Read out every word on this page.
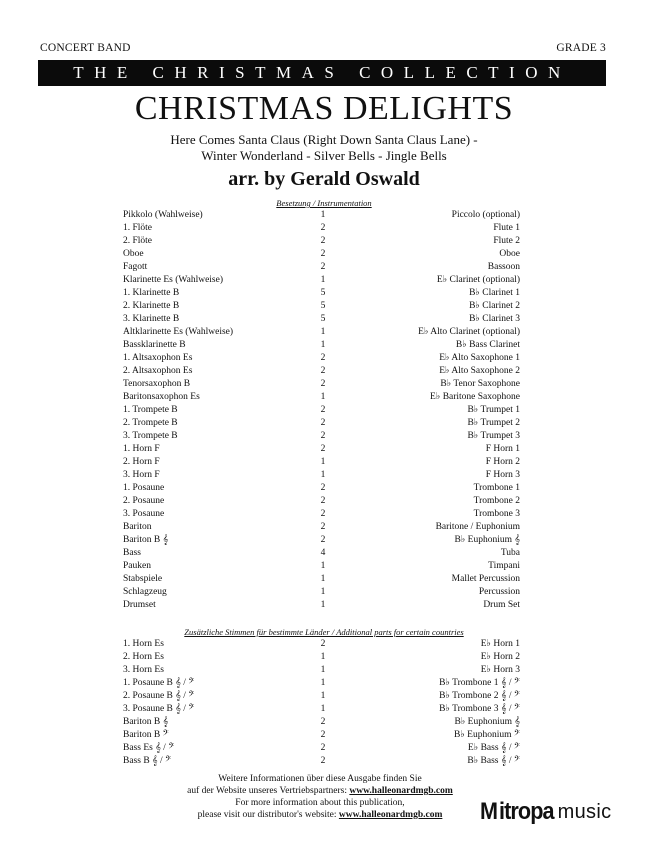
CONCERT BAND	GRADE 3
THE CHRISTMAS COLLECTION
CHRISTMAS DELIGHTS
Here Comes Santa Claus (Right Down Santa Claus Lane) -
Winter Wonderland - Silver Bells - Jingle Bells
arr. by Gerald Oswald
Besetzung / Instrumentation
Pikkolo (Wahlweise)	1	Piccolo (optional)
1. Flöte	2	Flute 1
2. Flöte	2	Flute 2
Oboe	2	Oboe
Fagott	2	Bassoon
Klarinette Es (Wahlweise)	1	E♭ Clarinet (optional)
1. Klarinette B	5	B♭ Clarinet 1
2. Klarinette B	5	B♭ Clarinet 2
3. Klarinette B	5	B♭ Clarinet 3
Altklarinette Es (Wahlweise)	1	E♭ Alto Clarinet (optional)
Bassklarinette B	1	B♭ Bass Clarinet
1. Altsaxophon Es	2	E♭ Alto Saxophone 1
2. Altsaxophon Es	2	E♭ Alto Saxophone 2
Tenorsaxophon B	2	B♭ Tenor Saxophone
Baritonsaxophon Es	1	E♭ Baritone Saxophone
1. Trompete B	2	B♭ Trumpet 1
2. Trompete B	2	B♭ Trumpet 2
3. Trompete B	2	B♭ Trumpet 3
1. Horn F	2	F Horn 1
2. Horn F	1	F Horn 2
3. Horn F	1	F Horn 3
1. Posaune	2	Trombone 1
2. Posaune	2	Trombone 2
3. Posaune	2	Trombone 3
Bariton	2	Baritone / Euphonium
Bariton B 𝄞	2	B♭ Euphonium 𝄞
Bass	4	Tuba
Pauken	1	Timpani
Stabspiele	1	Mallet Percussion
Schlagzeug	1	Percussion
Drumset	1	Drum Set
Zusätzliche Stimmen für bestimmte Länder / Additional parts for certain countries
1. Horn Es	2	E♭ Horn 1
2. Horn Es	1	E♭ Horn 2
3. Horn Es	1	E♭ Horn 3
1. Posaune B 𝄞 / 𝄢	1	B♭ Trombone 1 𝄞 / 𝄢
2. Posaune B 𝄞 / 𝄢	1	B♭ Trombone 2 𝄞 / 𝄢
3. Posaune B 𝄞 / 𝄢	1	B♭ Trombone 3 𝄞 / 𝄢
Bariton B 𝄞	2	B♭ Euphonium 𝄞
Bariton B 𝄢	2	B♭ Euphonium 𝄢
Bass Es 𝄞 / 𝄢	2	E♭ Bass 𝄞 / 𝄢
Bass B 𝄞 / 𝄢	2	B♭ Bass 𝄞 / 𝄢
Weitere Informationen über diese Ausgabe finden Sie
auf der Website unseres Vertriebspartners: www.halleonardmgb.com
For more information about this publication,
please visit our distributor's website: www.halleonardmgb.com	M itropa music
